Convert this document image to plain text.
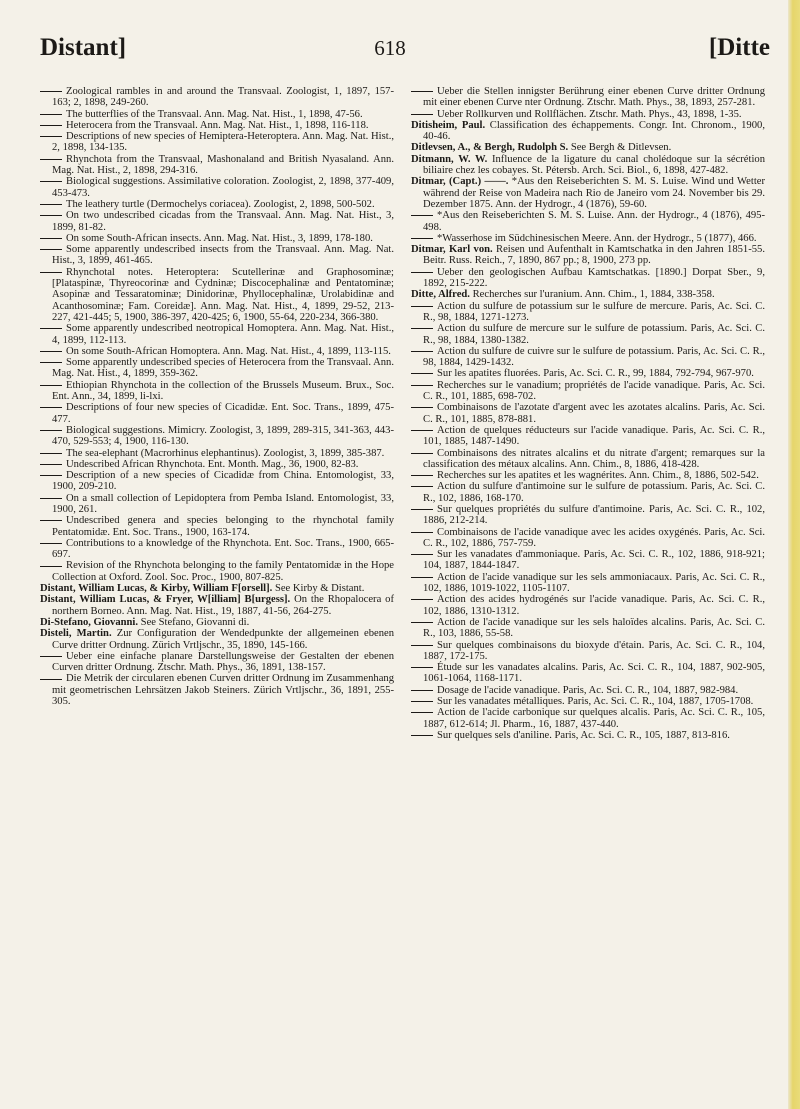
Distant]	618	[Ditte

Zoological rambles in and around the Transvaal. Zoologist, 1, 1897, 157-163; 2, 1898, 249-260.

The butterflies of the Transvaal. Ann. Mag. Nat. Hist., 1, 1898, 47-56.

Heterocera from the Transvaal. Ann. Mag. Nat. Hist., 1, 1898, 116-118.

Descriptions of new species of Hemiptera-Heteroptera. Ann. Mag. Nat. Hist., 2, 1898, 134-135.

Rhynchota from the Transvaal, Mashonaland and British Nyasaland. Ann. Mag. Nat. Hist., 2, 1898, 294-316.

Biological suggestions. Assimilative coloration. Zoologist, 2, 1898, 377-409, 453-473.

The leathery turtle (Dermochelys coriacea). Zoologist, 2, 1898, 500-502.

On two undescribed cicadas from the Transvaal. Ann. Mag. Nat. Hist., 3, 1899, 81-82.

On some South-African insects. Ann. Mag. Nat. Hist., 3, 1899, 178-180.

Some apparently undescribed insects from the Transvaal. Ann. Mag. Nat. Hist., 3, 1899, 461-465.

Rhynchotal notes. Heteroptera: Scutellerinæ and Graphosominæ; [Plataspinæ, Thyreocorinæ and Cydninæ; Discocephalinæ and Pentatominæ; Asopinæ and Tessaratominæ; Dinidorinæ, Phyllocephalinæ, Urolabidinæ and Acanthosominæ; Fam. Coreidæ]. Ann. Mag. Nat. Hist., 4, 1899, 29-52, 213-227, 421-445; 5, 1900, 386-397, 420-425; 6, 1900, 55-64, 220-234, 366-380.

Some apparently undescribed neotropical Homoptera. Ann. Mag. Nat. Hist., 4, 1899, 112-113.

On some South-African Homoptera. Ann. Mag. Nat. Hist., 4, 1899, 113-115.

Some apparently undescribed species of Heterocera from the Transvaal. Ann. Mag. Nat. Hist., 4, 1899, 359-362.

Ethiopian Rhynchota in the collection of the Brussels Museum. Brux., Soc. Ent. Ann., 34, 1899, li-lxi.

Descriptions of four new species of Cicadidæ. Ent. Soc. Trans., 1899, 475-477.

Biological suggestions. Mimicry. Zoologist, 3, 1899, 289-315, 341-363, 443-470, 529-553; 4, 1900, 116-130.

The sea-elephant (Macrorhinus elephantinus). Zoologist, 3, 1899, 385-387.

Undescribed African Rhynchota. Ent. Month. Mag., 36, 1900, 82-83.

Description of a new species of Cicadidæ from China. Entomologist, 33, 1900, 209-210.

On a small collection of Lepidoptera from Pemba Island. Entomologist, 33, 1900, 261.

Undescribed genera and species belonging to the rhynchotal family Pentatomidæ. Ent. Soc. Trans., 1900, 163-174.

Contributions to a knowledge of the Rhynchota. Ent. Soc. Trans., 1900, 665-697.

Revision of the Rhynchota belonging to the family Pentatomidæ in the Hope Collection at Oxford. Zool. Soc. Proc., 1900, 807-825.

Distant, William Lucas, & Kirby, William F[orsell]. See Kirby & Distant.

Distant, William Lucas, & Fryer, W[illiam] B[urgess]. On the Rhopalocera of northern Borneo. Ann. Mag. Nat. Hist., 19, 1887, 41-56, 264-275.

Di-Stefano, Giovanni. See Stefano, Giovanni di.

Disteli, Martin. Zur Configuration der Wendedpunkte der allgemeinen ebenen Curve dritter Ordnung. Zürich Vrtljschr., 35, 1890, 145-166.

Ueber eine einfache planare Darstellungsweise der Gestalten der ebenen Curven dritter Ordnung. Ztschr. Math. Phys., 36, 1891, 138-157.

Die Metrik der circularen ebenen Curven dritter Ordnung im Zusammenhang mit geometrischen Lehrsätzen Jakob Steiners. Zürich Vrtljschr., 36, 1891, 255-305.

Ueber die Stellen innigster Berührung einer ebenen Curve dritter Ordnung mit einer ebenen Curve nter Ordnung. Ztschr. Math. Phys., 38, 1893, 257-281.

Ueber Rollkurven und Rollflächen. Ztschr. Math. Phys., 43, 1898, 1-35.

Ditisheim, Paul. Classification des échappements. Congr. Int. Chronom., 1900, 40-46.

Ditlevsen, A., & Bergh, Rudolph S. See Bergh & Ditlevsen.

Ditmann, W. W. Influence de la ligature du canal cholédoque sur la sécrétion biliaire chez les cobayes. St. Pétersb. Arch. Sci. Biol., 6, 1898, 427-482.

Ditmar, (Capt.) ——. *Aus den Reiseberichten S. M. S. Luise. Wind und Wetter während der Reise von Madeira nach Rio de Janeiro vom 24. November bis 29. Dezember 1875. Ann. der Hydrogr., 4 (1876), 59-60.

*Aus den Reiseberichten S. M. S. Luise. Ann. der Hydrogr., 4 (1876), 495-498.

*Wasserhose im Südchinesischen Meere. Ann. der Hydrogr., 5 (1877), 466.

Ditmar, Karl von. Reisen und Aufenthalt in Kamtschatka in den Jahren 1851-55. Beitr. Russ. Reich., 7, 1890, 867 pp.; 8, 1900, 273 pp.

Ueber den geologischen Aufbau Kamtschatkas. [1890.] Dorpat Sber., 9, 1892, 215-222.

Ditte, Alfred. Recherches sur l'uranium. Ann. Chim., 1, 1884, 338-358.

Action du sulfure de potassium sur le sulfure de mercure. Paris, Ac. Sci. C. R., 98, 1884, 1271-1273.

Action du sulfure de mercure sur le sulfure de potassium. Paris, Ac. Sci. C. R., 98, 1884, 1380-1382.

Action du sulfure de cuivre sur le sulfure de potassium. Paris, Ac. Sci. C. R., 98, 1884, 1429-1432.

Sur les apatites fluorées. Paris, Ac. Sci. C. R., 99, 1884, 792-794, 967-970.

Recherches sur le vanadium; propriétés de l'acide vanadique. Paris, Ac. Sci. C. R., 101, 1885, 698-702.

Combinaisons de l'azotate d'argent avec les azotates alcalins. Paris, Ac. Sci. C. R., 101, 1885, 878-881.

Action de quelques réducteurs sur l'acide vanadique. Paris, Ac. Sci. C. R., 101, 1885, 1487-1490.

Combinaisons des nitrates alcalins et du nitrate d'argent; remarques sur la classification des métaux alcalins. Ann. Chim., 8, 1886, 418-428.

Recherches sur les apatites et les wagnérites. Ann. Chim., 8, 1886, 502-542.

Action du sulfure d'antimoine sur le sulfure de potassium. Paris, Ac. Sci. C. R., 102, 1886, 168-170.

Sur quelques propriétés du sulfure d'antimoine. Paris, Ac. Sci. C. R., 102, 1886, 212-214.

Combinaisons de l'acide vanadique avec les acides oxygénés. Paris, Ac. Sci. C. R., 102, 1886, 757-759.

Sur les vanadates d'ammoniaque. Paris, Ac. Sci. C. R., 102, 1886, 918-921; 104, 1887, 1844-1847.

Action de l'acide vanadique sur les sels ammoniacaux. Paris, Ac. Sci. C. R., 102, 1886, 1019-1022, 1105-1107.

Action des acides hydrogénés sur l'acide vanadique. Paris, Ac. Sci. C. R., 102, 1886, 1310-1312.

Action de l'acide vanadique sur les sels haloïdes alcalins. Paris, Ac. Sci. C. R., 103, 1886, 55-58.

Sur quelques combinaisons du bioxyde d'étain. Paris, Ac. Sci. C. R., 104, 1887, 172-175.

Étude sur les vanadates alcalins. Paris, Ac. Sci. C. R., 104, 1887, 902-905, 1061-1064, 1168-1171.

Dosage de l'acide vanadique. Paris, Ac. Sci. C. R., 104, 1887, 982-984.

Sur les vanadates métalliques. Paris, Ac. Sci. C. R., 104, 1887, 1705-1708.

Action de l'acide carbonique sur quelques alcalis. Paris, Ac. Sci. C. R., 105, 1887, 612-614; Jl. Pharm., 16, 1887, 437-440.

Sur quelques sels d'aniline. Paris, Ac. Sci. C. R., 105, 1887, 813-816.
